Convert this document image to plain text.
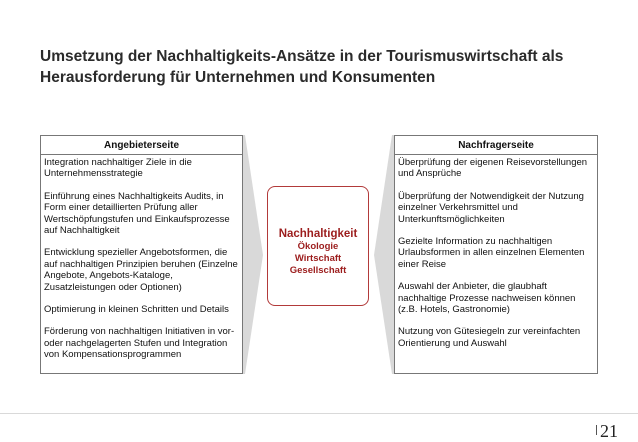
Umsetzung der Nachhaltigkeits-Ansätze in der Tourismuswirtschaft als
Herausforderung für Unternehmen und Konsumenten
Angebieterseite

Integration nachhaltiger Ziele in die Unternehmensstrategie

Einführung eines Nachhaltigkeits Audits, in Form einer detaillierten Prüfung aller Wertschöpfungstufen und Einkaufsprozesse auf Nachhaltigkeit

Entwicklung spezieller Angebotsformen, die auf nachhaltigen Prinzipien beruhen (Einzelne Angebote, Angebots-Kataloge, Zusatzleistungen oder Optionen)

Optimierung in kleinen Schritten und Details

Förderung von nachhaltigen Initiativen in vor- oder nachgelagerten Stufen und Integration von Kompensationsprogrammen

Nachhaltigkeit
Ökologie
Wirtschaft
Gesellschaft
Nachfragerseite

Überprüfung der eigenen Reisevorstellungen und Ansprüche

Überprüfung der Notwendigkeit der Nutzung einzelner Verkehrsmittel und Unterkunftsmöglichkeiten

Gezielte Information zu nachhaltigen Urlaubsformen in allen einzelnen Elementen einer Reise

Auswahl der Anbieter, die glaubhaft nachhaltige Prozesse nachweisen können (z.B. Hotels, Gastronomie)

Nutzung von Gütesiegeln zur vereinfachten Orientierung und Auswahl

21
